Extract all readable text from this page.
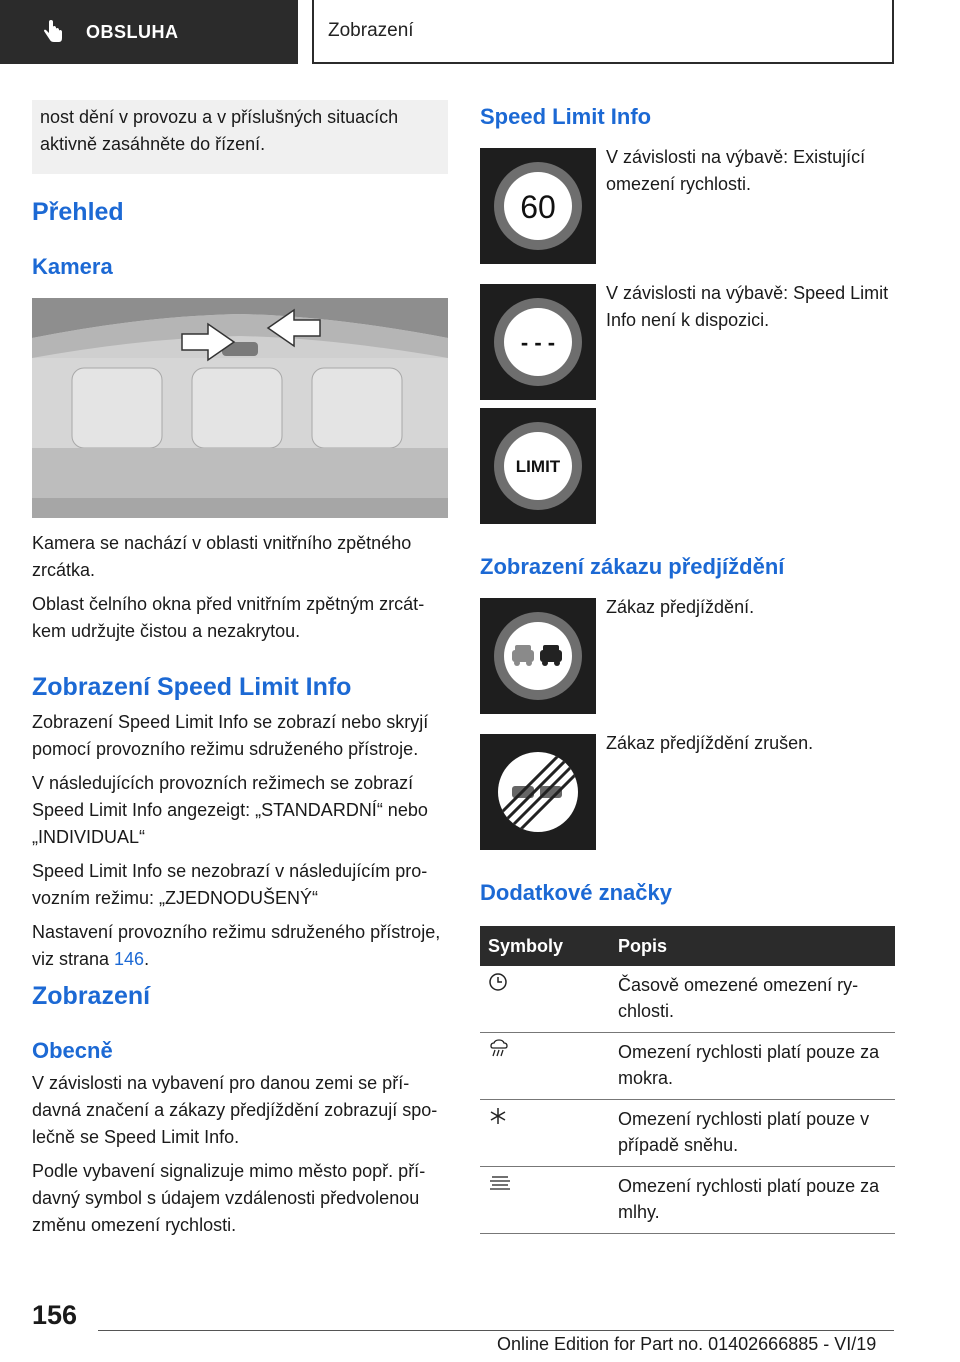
OBSLUHA	Zobrazení
nost dění v provozu a v příslušných situacích aktivně zasáhněte do řízení.
Přehled
Kamera

Kamera se nachází v oblasti vnitřního zpětného zrcátka.

Oblast čelního okna před vnitřním zpětným zrcátkem udržujte čistou a nezakrytou.

Zobrazení Speed Limit Info

Zobrazení Speed Limit Info se zobrazí nebo skryjí pomocí provozního režimu sdruženého přístroje.

V následujících provozních režimech se zobrazí Speed Limit Info angezeigt: „STANDARDNÍ“ nebo „INDIVIDUAL“

Speed Limit Info se nezobrazí v následujícím provozním režimu: „ZJEDNODUŠENÝ“

Nastavení provozního režimu sdruženého přístroje, viz strana 146.

Zobrazení
Obecně

V závislosti na vybavení pro danou zemi se přídavná značení a zákazy předjíždění zobrazují společně se Speed Limit Info.

Podle vybavení signalizuje mimo město popř. přídavný symbol s údajem vzdálenosti předvolenou změnu omezení rychlosti.

Speed Limit Info
60
V závislosti na výbavě: Existující omezení rychlosti.
- - -
V závislosti na výbavě: Speed Limit Info není k dispozici.
LIMIT
Zobrazení zákazu předjíždění
Zákaz předjíždění.
Zákaz předjíždění zrušen.
Dodatkové značky
Symboly	Popis
	Časově omezené omezení rychlosti.
	Omezení rychlosti platí pouze za mokra.
	Omezení rychlosti platí pouze v případě sněhu.
	Omezení rychlosti platí pouze za mlhy.
156
Online Edition for Part no. 01402666885 - VI/19
